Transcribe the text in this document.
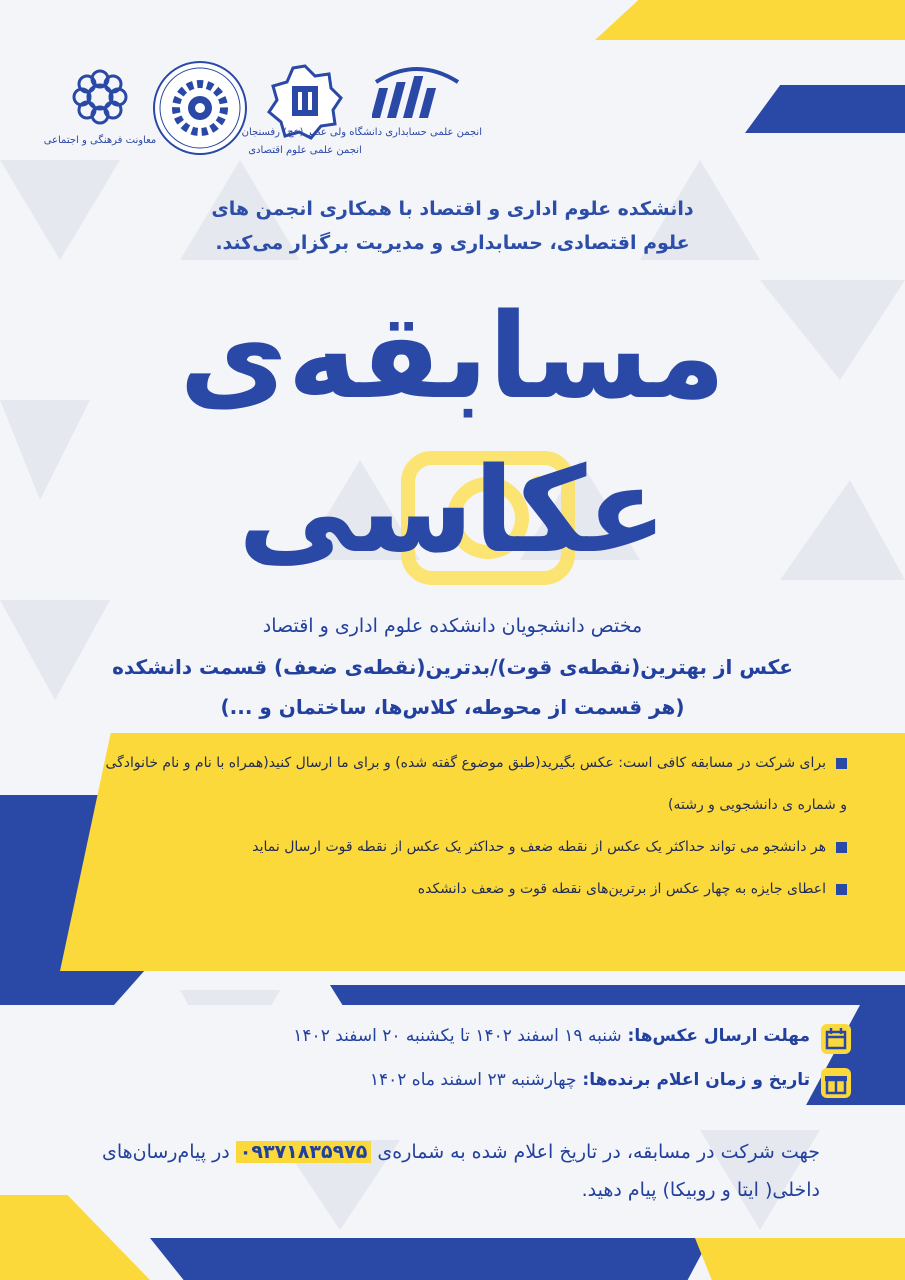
معاونت فرهنگی و اجتماعی
انجمن علمی علوم اقتصادی
انجمن علمی حسابداری دانشگاه ولی عصر (عج) رفسنجان
دانشکده علوم اداری و اقتصاد با همکاری انجمن های
علوم اقتصادی، حسابداری و مدیریت برگزار می‌کند.
مسابقه‌ی
عکاسی
مختص دانشجویان دانشکده علوم اداری و اقتصاد
عکس از بهترین(نقطه‌ی قوت)/بدترین(نقطه‌ی ضعف) قسمت دانشکده
(هر قسمت از محوطه، کلاس‌ها، ساختمان و ...)
برای شرکت در مسابقه کافی است: عکس بگیرید(طبق موضوع گفته شده) و برای ما ارسال کنید(همراه با نام و نام خانوادگی و شماره ی دانشجویی و رشته)
هر دانشجو می تواند حداکثر یک عکس از نقطه ضعف و حداکثر یک عکس از نقطه قوت ارسال نماید
اعطای جایزه به چهار عکس از برترین‌های نقطه قوت و ضعف دانشکده
مهلت ارسال عکس‌ها: شنبه ۱۹ اسفند ۱۴۰۲ تا یکشنبه ۲۰ اسفند ۱۴۰۲
تاریخ و زمان اعلام برنده‌ها: چهارشنبه ۲۳ اسفند ماه ۱۴۰۲
جهت شرکت در مسابقه، در تاریخ اعلام شده به شماره‌ی ۰۹۳۷۱۸۳۵۹۷۵ در پیام‌رسان‌های داخلی( ایتا و روبیکا) پیام دهید.
